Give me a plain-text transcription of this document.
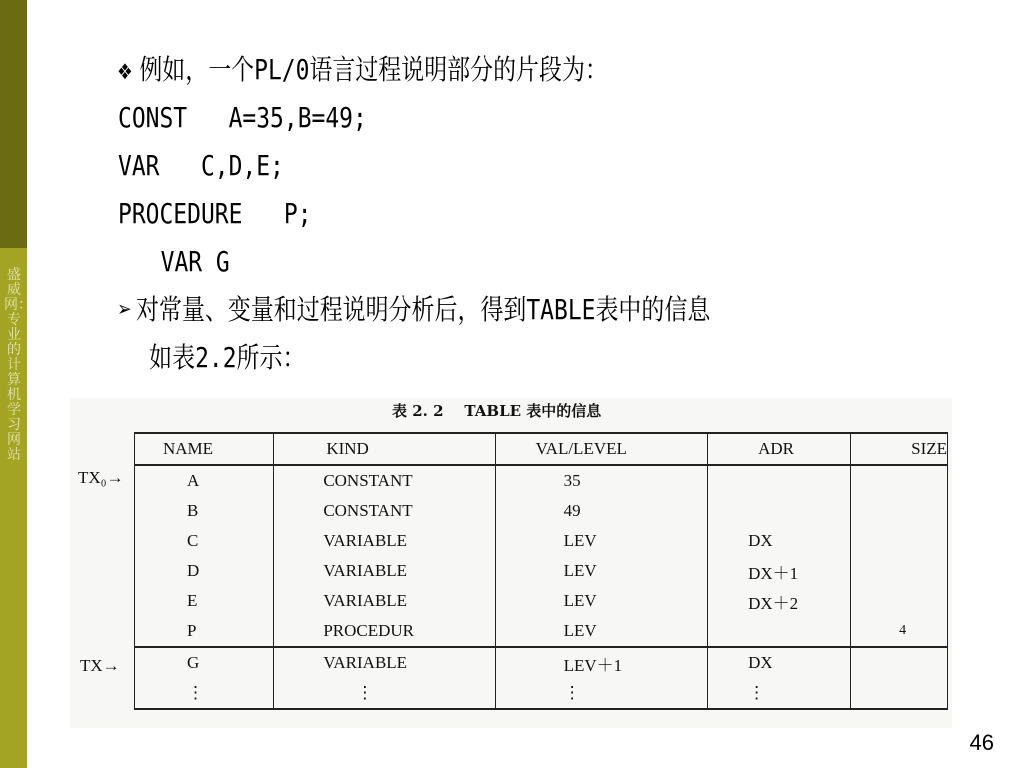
盛威网：专业的计算机学习网站
❖ 例如，一个PL/0语言过程说明部分的片段为：
CONST   A=35,B=49;
VAR   C,D,E;
PROCEDURE   P;
VAR G
➢ 对常量、变量和过程说明分析后，得到TABLE表中的信息
如表2.2所示：
表 2. 2    TABLE 表中的信息
TX₀→
TX→
NAME	KIND	VAL/LEVEL	ADR	SIZE
A	CONSTANT	35		
B	CONSTANT	49		
C	VARIABLE	LEV	DX	
D	VARIABLE	LEV	DX＋1	
E	VARIABLE	LEV	DX＋2	
P	PROCEDUR	LEV		4
G	VARIABLE	LEV＋1	DX	
⋮	⋮	⋮	⋮	
46
